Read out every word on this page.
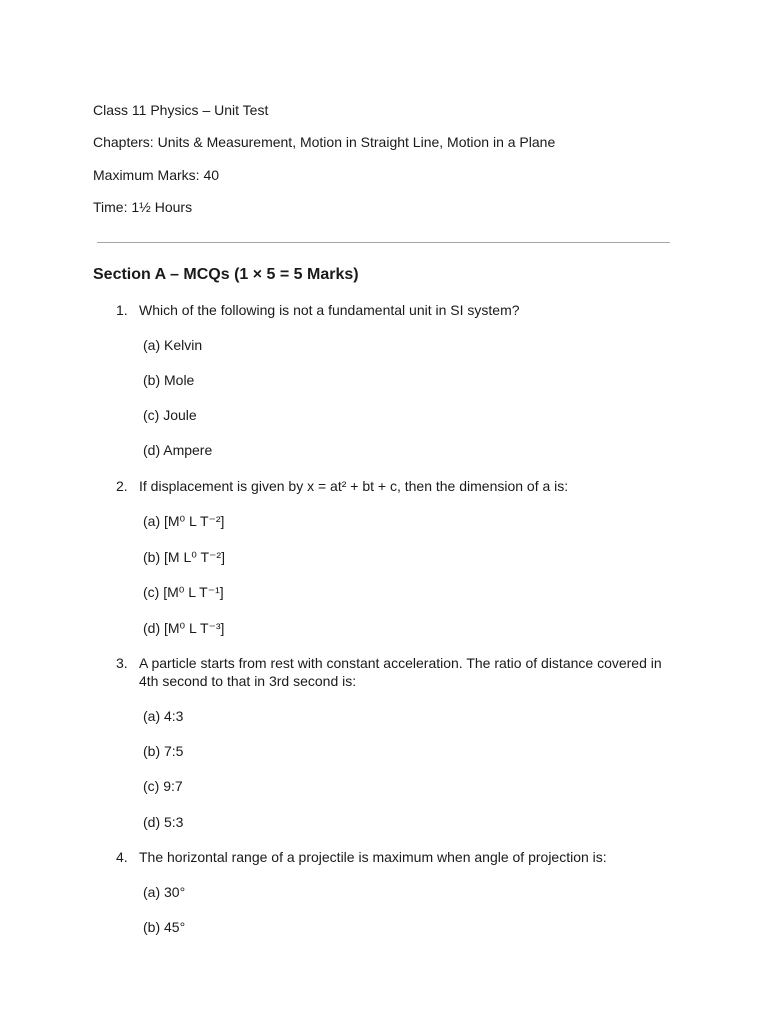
Class 11 Physics – Unit Test
Chapters: Units & Measurement, Motion in Straight Line, Motion in a Plane
Maximum Marks: 40
Time: 1½ Hours
Section A – MCQs (1 × 5 = 5 Marks)
1. Which of the following is not a fundamental unit in SI system?
(a) Kelvin
(b) Mole
(c) Joule
(d) Ampere
2. If displacement is given by x = at² + bt + c, then the dimension of a is:
(a) [M⁰ L T⁻²]
(b) [M L⁰ T⁻²]
(c) [M⁰ L T⁻¹]
(d) [M⁰ L T⁻³]
3. A particle starts from rest with constant acceleration. The ratio of distance covered in
4th second to that in 3rd second is:
(a) 4:3
(b) 7:5
(c) 9:7
(d) 5:3
4. The horizontal range of a projectile is maximum when angle of projection is:
(a) 30°
(b) 45°
